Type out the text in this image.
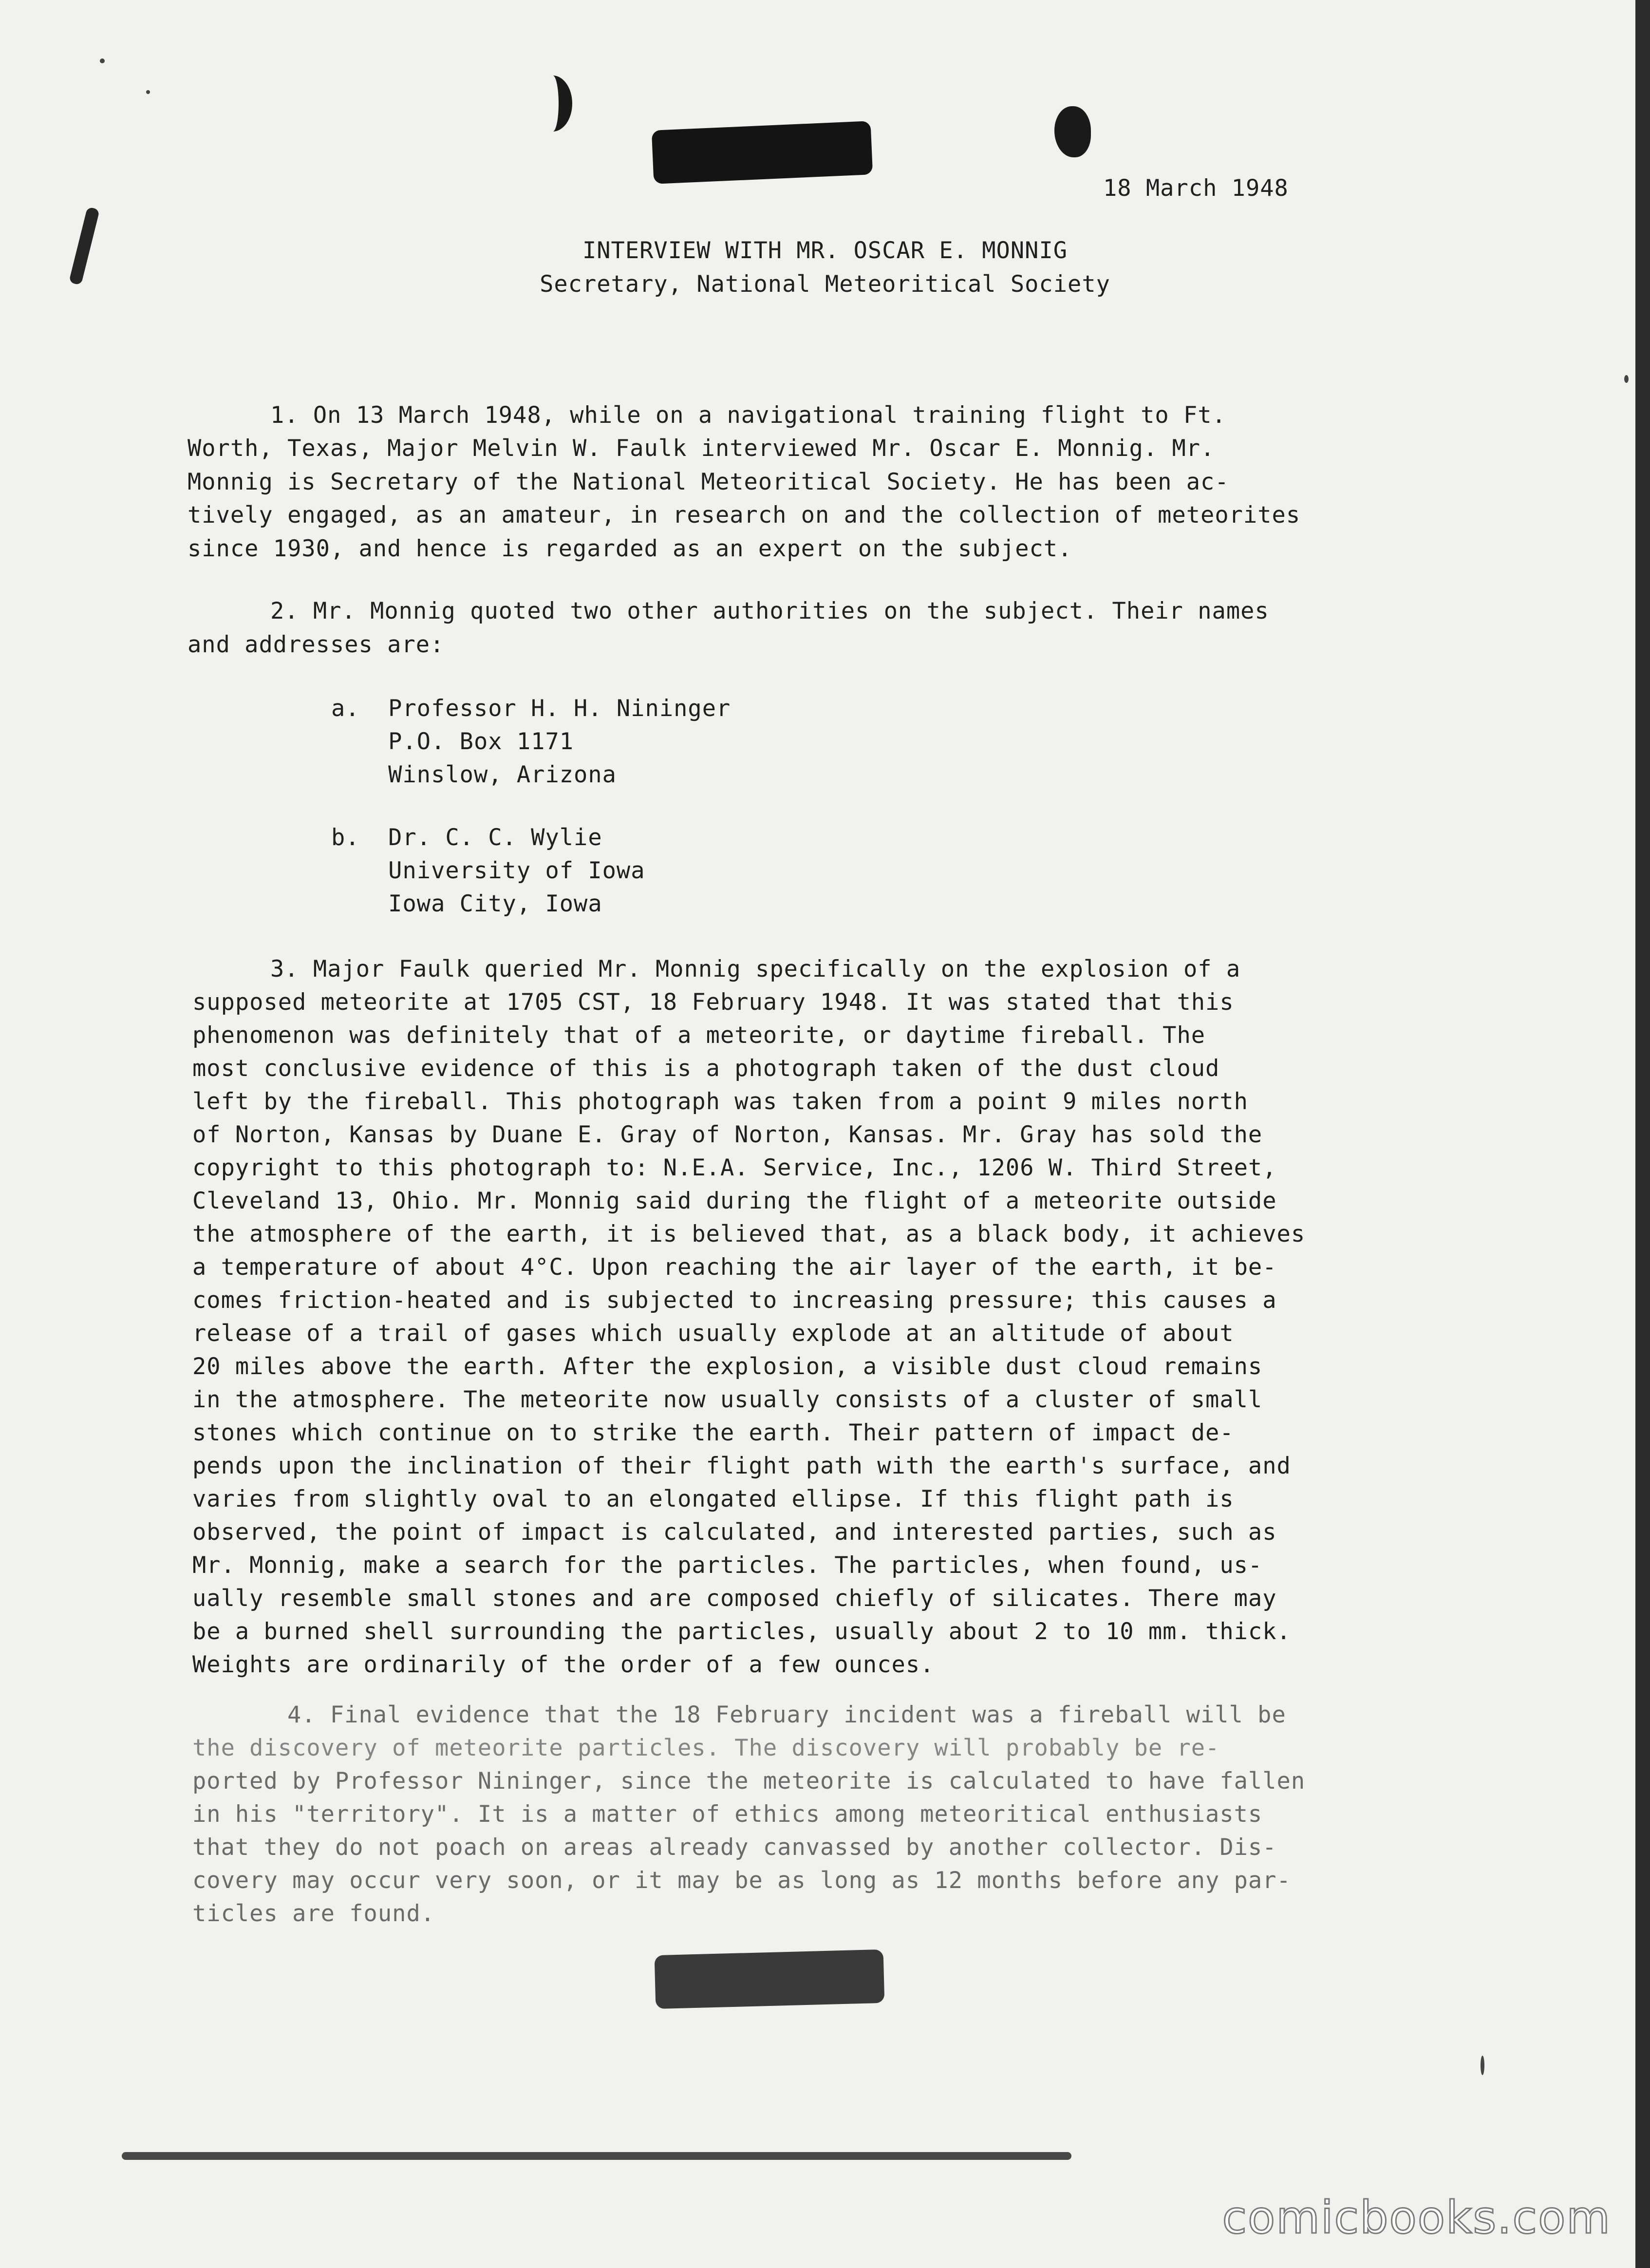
18 March 1948
INTERVIEW WITH MR. OSCAR E. MONNIG
Secretary, National Meteoritical Society
1. On 13 March 1948, while on a navigational training flight to Ft.
Worth, Texas, Major Melvin W. Faulk interviewed Mr. Oscar E. Monnig. Mr.
Monnig is Secretary of the National Meteoritical Society. He has been ac-
tively engaged, as an amateur, in research on and the collection of meteorites
since 1930, and hence is regarded as an expert on the subject.
2. Mr. Monnig quoted two other authorities on the subject. Their names
and addresses are:
a.  Professor H. H. Nininger
P.O. Box 1171
Winslow, Arizona
b.  Dr. C. C. Wylie
University of Iowa
Iowa City, Iowa
3. Major Faulk queried Mr. Monnig specifically on the explosion of a
supposed meteorite at 1705 CST, 18 February 1948. It was stated that this
phenomenon was definitely that of a meteorite, or daytime fireball. The
most conclusive evidence of this is a photograph taken of the dust cloud
left by the fireball. This photograph was taken from a point 9 miles north
of Norton, Kansas by Duane E. Gray of Norton, Kansas. Mr. Gray has sold the
copyright to this photograph to: N.E.A. Service, Inc., 1206 W. Third Street,
Cleveland 13, Ohio. Mr. Monnig said during the flight of a meteorite outside
the atmosphere of the earth, it is believed that, as a black body, it achieves
a temperature of about 4°C. Upon reaching the air layer of the earth, it be-
comes friction-heated and is subjected to increasing pressure; this causes a
release of a trail of gases which usually explode at an altitude of about
20 miles above the earth. After the explosion, a visible dust cloud remains
in the atmosphere. The meteorite now usually consists of a cluster of small
stones which continue on to strike the earth. Their pattern of impact de-
pends upon the inclination of their flight path with the earth's surface, and
varies from slightly oval to an elongated ellipse. If this flight path is
observed, the point of impact is calculated, and interested parties, such as
Mr. Monnig, make a search for the particles. The particles, when found, us-
ually resemble small stones and are composed chiefly of silicates. There may
be a burned shell surrounding the particles, usually about 2 to 10 mm. thick.
Weights are ordinarily of the order of a few ounces.
4. Final evidence that the 18 February incident was a fireball will be
the discovery of meteorite particles. The discovery will probably be re-
ported by Professor Nininger, since the meteorite is calculated to have fallen
in his "territory". It is a matter of ethics among meteoritical enthusiasts
that they do not poach on areas already canvassed by another collector. Dis-
covery may occur very soon, or it may be as long as 12 months before any par-
ticles are found.
comicbooks.com
